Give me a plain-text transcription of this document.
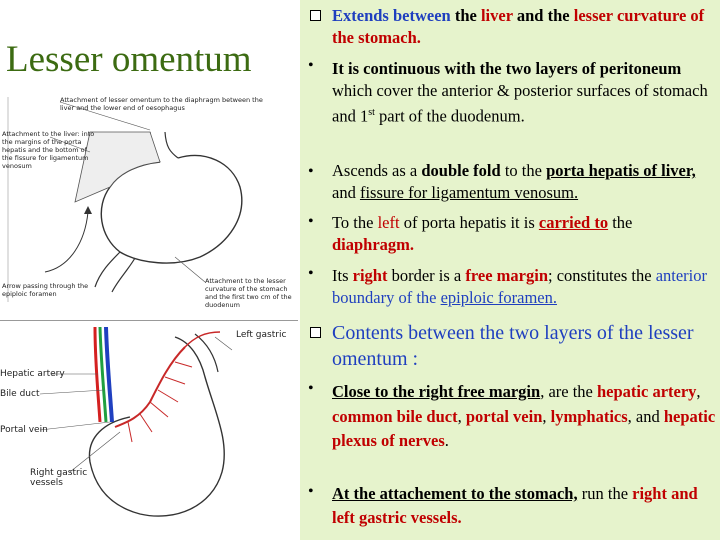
Lesser omentum
Attachment of lesser omentum to the diaphragm between the liver and the lower end of oesophagus
Attachment to the liver: into the margins of the porta hepatis and the bottom of the fissure for ligamentum venosum
Arrow passing through the epiploic foramen
Attachment to the lesser curvature of the stomach and the first two cm of the duodenum
Left gastric
Hepatic artery
Bile duct
Portal vein
Right gastric vessels
Extends between the liver and the lesser curvature of the stomach.
• It is continuous with the two layers of peritoneum which cover the anterior & posterior surfaces of stomach and 1st part of the duodenum.
• Ascends as a double fold to the porta hepatis of liver, and fissure for ligamentum venosum.
• To the left of porta hepatis it is carried to the diaphragm.
• Its right border is a free margin; constitutes the anterior boundary of the epiploic foramen.
Contents between the two layers of the lesser omentum :
• Close to the right free margin, are the hepatic artery, common bile duct, portal vein, lymphatics, and hepatic plexus of nerves.
• At the attachement to the stomach, run the right and left gastric vessels.
